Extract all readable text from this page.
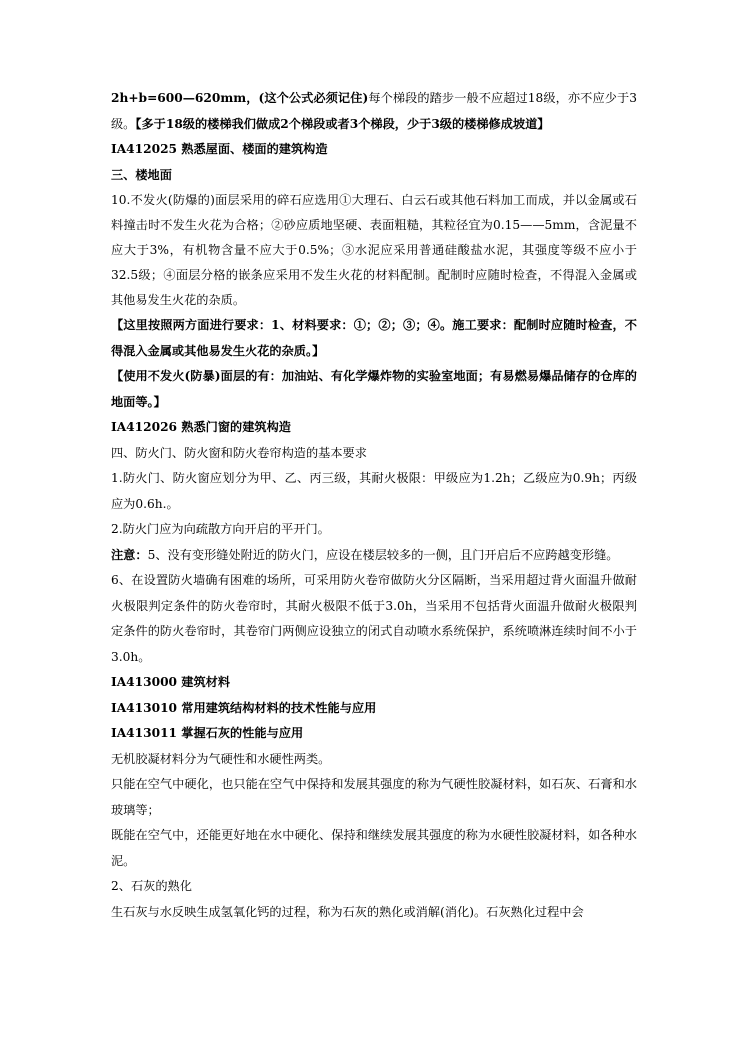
2h+b=600—620mm，(这个公式必须记住)每个梯段的踏步一般不应超过18级，亦不应少于3级。【多于18级的楼梯我们做成2个梯段或者3个梯段，少于3级的楼梯修成坡道】

IA412025 熟悉屋面、楼面的建筑构造

三、楼地面

10.不发火(防爆的)面层采用的碎石应选用①大理石、白云石或其他石料加工而成，并以金属或石料撞击时不发生火花为合格；②砂应质地坚硬、表面粗糙，其粒径宜为0.15——5mm，含泥量不应大于3%，有机物含量不应大于0.5%；③水泥应采用普通硅酸盐水泥，其强度等级不应小于32.5级；④面层分格的嵌条应采用不发生火花的材料配制。配制时应随时检查，不得混入金属或其他易发生火花的杂质。

【这里按照两方面进行要求：1、材料要求：①；②；③；④。施工要求：配制时应随时检查，不得混入金属或其他易发生火花的杂质。】

【使用不发火(防暴)面层的有：加油站、有化学爆炸物的实验室地面；有易燃易爆品储存的仓库的地面等。】

IA412026 熟悉门窗的建筑构造

四、防火门、防火窗和防火卷帘构造的基本要求

1.防火门、防火窗应划分为甲、乙、丙三级，其耐火极限：甲级应为1.2h；乙级应为0.9h；丙级应为0.6h.。

2.防火门应为向疏散方向开启的平开门。

注意：5、没有变形缝处附近的防火门，应设在楼层较多的一侧，且门开启后不应跨越变形缝。

6、在设置防火墙确有困难的场所，可采用防火卷帘做防火分区隔断，当采用超过背火面温升做耐火极限判定条件的防火卷帘时，其耐火极限不低于3.0h，当采用不包括背火面温升做耐火极限判定条件的防火卷帘时，其卷帘门两侧应设独立的闭式自动喷水系统保护，系统喷淋连续时间不小于3.0h。

IA413000 建筑材料

IA413010 常用建筑结构材料的技术性能与应用

IA413011 掌握石灰的性能与应用

无机胶凝材料分为气硬性和水硬性两类。

只能在空气中硬化，也只能在空气中保持和发展其强度的称为气硬性胶凝材料，如石灰、石膏和水玻璃等；

既能在空气中，还能更好地在水中硬化、保持和继续发展其强度的称为水硬性胶凝材料，如各种水泥。

2、石灰的熟化

生石灰与水反映生成氢氧化钙的过程，称为石灰的熟化或消解(消化)。石灰熟化过程中会
